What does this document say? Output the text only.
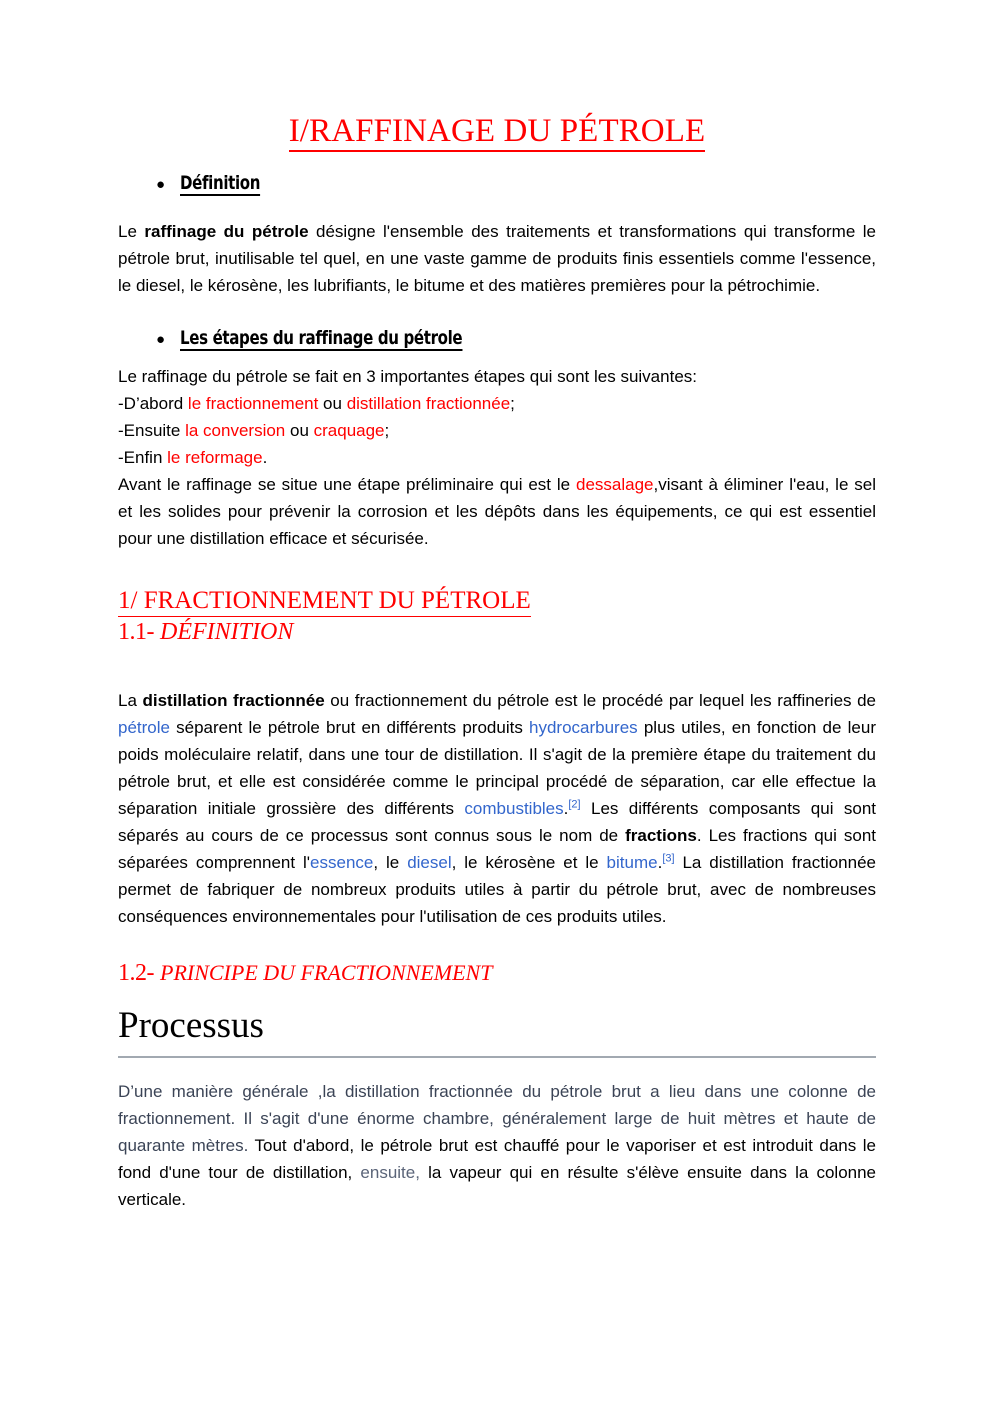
I/RAFFINAGE DU PÉTROLE
● Définition

Le raffinage du pétrole désigne l'ensemble des traitements et transformations qui transforme le pétrole brut, inutilisable tel quel, en une vaste gamme de produits finis essentiels comme l'essence, le diesel, le kérosène, les lubrifiants, le bitume et des matières premières pour la pétrochimie.

● Les étapes du raffinage du pétrole

Le raffinage du pétrole se fait en 3 importantes étapes qui sont les suivantes:

-D’abord le fractionnement ou distillation fractionnée;

-Ensuite la conversion ou craquage;

-Enfin le reformage.

Avant le raffinage se situe une étape préliminaire qui est le dessalage,visant à éliminer l'eau, le sel et les solides pour prévenir la corrosion et les dépôts dans les équipements, ce qui est essentiel pour une distillation efficace et sécurisée.

1/ FRACTIONNEMENT DU PÉTROLE
1.1- DÉFINITION

La distillation fractionnée ou fractionnement du pétrole est le procédé par lequel les raffineries de pétrole séparent le pétrole brut en différents produits hydrocarbures plus utiles, en fonction de leur poids moléculaire relatif, dans une tour de distillation. Il s'agit de la première étape du traitement du pétrole brut, et elle est considérée comme le principal procédé de séparation, car elle effectue la séparation initiale grossière des différents combustibles.[2] Les différents composants qui sont séparés au cours de ce processus sont connus sous le nom de fractions. Les fractions qui sont séparées comprennent l'essence, le diesel, le kérosène et le bitume.[3] La distillation fractionnée permet de fabriquer de nombreux produits utiles à partir du pétrole brut, avec de nombreuses conséquences environnementales pour l'utilisation de ces produits utiles.

1.2- PRINCIPE DU FRACTIONNEMENT
Processus

D’une manière générale ,la distillation fractionnée du pétrole brut a lieu dans une colonne de fractionnement. Il s'agit d'une énorme chambre, généralement large de huit mètres et haute de quarante mètres. Tout d'abord, le pétrole brut est chauffé pour le vaporiser et est introduit dans le fond d'une tour de distillation, ensuite, la vapeur qui en résulte s'élève ensuite dans la colonne verticale.
